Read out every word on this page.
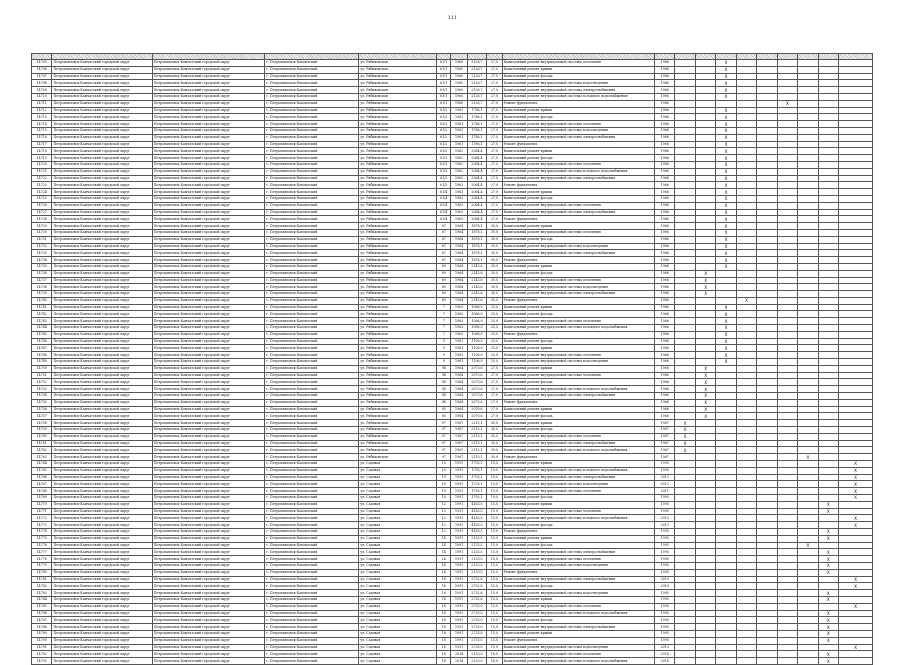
111

14705	Петропавловск-Камчатский городской округ	Петропавловск-Камчатский городской округ	г. Петропавловск-Камчатский	ул. Рябиковская	61/1	1960	2126,7	27,0	Капитальный ремонт внутридомовой системы отопления	1966			X						
14706	Петропавловск-Камчатский городской округ	Петропавловск-Камчатский городской округ	г. Петропавловск-Камчатский	ул. Рябиковская	61/1	1960	2126,7	27,0	Капитальный ремонт крыши	1966			X						
14707	Петропавловск-Камчатский городской округ	Петропавловск-Камчатский городской округ	г. Петропавловск-Камчатский	ул. Рябиковская	61/1	1960	2126,7	27,0	Капитальный ремонт фасада	1966			X						
14708	Петропавловск-Камчатский городской округ	Петропавловск-Камчатский городской округ	г. Петропавловск-Камчатский	ул. Рябиковская	61/1	1960	2126,7	27,0	Капитальный ремонт внутридомовой системы водоотведения	1966			X						
14709	Петропавловск-Камчатский городской округ	Петропавловск-Камчатский городской округ	г. Петропавловск-Камчатский	ул. Рябиковская	61/1	1960	2126,7	27,0	Капитальный ремонт внутридомовой системы электроснабжения	1966			X						
14710	Петропавловск-Камчатский городской округ	Петропавловск-Камчатский городской округ	г. Петропавловск-Камчатский	ул. Рябиковская	61/1	1960	2126,7	27,0	Капитальный ремонт внутридомовой системы холодного водоснабжения	1966			X						
14711	Петропавловск-Камчатский городской округ	Петропавловск-Камчатский городской округ	г. Петропавловск-Камчатский	ул. Рябиковская	61/1	1960	2126,7	27,0	Ремонт фундамента	1966						X			
14712	Петропавловск-Камчатский городской округ	Петропавловск-Камчатский городской округ	г. Петропавловск-Камчатский	ул. Рябиковская	61/2	1961	1786,1	27,0	Капитальный ремонт крыши	1966			X						
14713	Петропавловск-Камчатский городской округ	Петропавловск-Камчатский городской округ	г. Петропавловск-Камчатский	ул. Рябиковская	61/2	1961	1786,1	27,0	Капитальный ремонт фасада	1966			X						
14714	Петропавловск-Камчатский городской округ	Петропавловск-Камчатский городской округ	г. Петропавловск-Камчатский	ул. Рябиковская	61/2	1961	1786,1	27,0	Капитальный ремонт внутридомовой системы отопления	1966			X						
14715	Петропавловск-Камчатский городской округ	Петропавловск-Камчатский городской округ	г. Петропавловск-Камчатский	ул. Рябиковская	61/2	1961	1786,1	27,0	Капитальный ремонт внутридомовой системы водоотведения	1966			X						
14716	Петропавловск-Камчатский городской округ	Петропавловск-Камчатский городской округ	г. Петропавловск-Камчатский	ул. Рябиковская	61/2	1961	1786,1	27,0	Капитальный ремонт внутридомовой системы электроснабжения	1966			X						
14717	Петропавловск-Камчатский городской округ	Петропавловск-Камчатский городской округ	г. Петропавловск-Камчатский	ул. Рябиковская	61/2	1961	1786,1	27,0	Ремонт фундамента	1966			X						
14718	Петропавловск-Камчатский городской округ	Петропавловск-Камчатский городской округ	г. Петропавловск-Камчатский	ул. Рябиковская	61/3	1962	2064,4	27,0	Капитальный ремонт крыши	1966			X						
14719	Петропавловск-Камчатский городской округ	Петропавловск-Камчатский городской округ	г. Петропавловск-Камчатский	ул. Рябиковская	61/3	1962	2064,4	27,0	Капитальный ремонт фасада	1966			X						
14720	Петропавловск-Камчатский городской округ	Петропавловск-Камчатский городской округ	г. Петропавловск-Камчатский	ул. Рябиковская	61/3	1962	2064,4	27,0	Капитальный ремонт внутридомовой системы отопления	1966			X						
14721	Петропавловск-Камчатский городской округ	Петропавловск-Камчатский городской округ	г. Петропавловск-Камчатский	ул. Рябиковская	61/3	1962	2064,4	27,0	Капитальный ремонт внутридомовой системы холодного водоснабжения	1966			X						
14722	Петропавловск-Камчатский городской округ	Петропавловск-Камчатский городской округ	г. Петропавловск-Камчатский	ул. Рябиковская	61/3	1962	2064,4	27,0	Капитальный ремонт внутридомовой системы электроснабжения	1966			X						
14723	Петропавловск-Камчатский городской округ	Петропавловск-Камчатский городской округ	г. Петропавловск-Камчатский	ул. Рябиковская	61/3	1962	2064,4	27,0	Ремонт фундамента	1966			X						
14724	Петропавловск-Камчатский городской округ	Петропавловск-Камчатский городской округ	г. Петропавловск-Камчатский	ул. Рябиковская	61/4	1963	2064,4	27,0	Капитальный ремонт крыши	1966			X						
14725	Петропавловск-Камчатский городской округ	Петропавловск-Камчатский городской округ	г. Петропавловск-Камчатский	ул. Рябиковская	61/4	1963	2064,4	27,0	Капитальный ремонт фасада	1966			X						
14726	Петропавловск-Камчатский городской округ	Петропавловск-Камчатский городской округ	г. Петропавловск-Камчатский	ул. Рябиковская	61/4	1963	2064,4	27,0	Капитальный ремонт внутридомовой системы отопления	1966			X						
14727	Петропавловск-Камчатский городской округ	Петропавловск-Камчатский городской округ	г. Петропавловск-Камчатский	ул. Рябиковская	61/4	1963	2064,4	27,0	Капитальный ремонт внутридомовой системы электроснабжения	1966			X						
14728	Петропавловск-Камчатский городской округ	Петропавловск-Камчатский городской округ	г. Петропавловск-Камчатский	ул. Рябиковская	61/4	1963	2064,4	27,0	Ремонт фундамента	1966			X						
14729	Петропавловск-Камчатский городской округ	Петропавловск-Камчатский городской округ	г. Петропавловск-Камчатский	ул. Рябиковская	67	1964	1878,1	30,0	Капитальный ремонт крыши	1966			X						
14730	Петропавловск-Камчатский городской округ	Петропавловск-Камчатский городской округ	г. Петропавловск-Камчатский	ул. Рябиковская	67	1964	1878,1	30,0	Капитальный ремонт внутридомовой системы отопления	1966			X						
14731	Петропавловск-Камчатский городской округ	Петропавловск-Камчатский городской округ	г. Петропавловск-Камчатский	ул. Рябиковская	67	1964	1878,1	30,0	Капитальный ремонт фасада	1966			X						
14732	Петропавловск-Камчатский городской округ	Петропавловск-Камчатский городской округ	г. Петропавловск-Камчатский	ул. Рябиковская	67	1964	1878,1	30,0	Капитальный ремонт внутридомовой системы водоотведения	1966			X						
14733	Петропавловск-Камчатский городской округ	Петропавловск-Камчатский городской округ	г. Петропавловск-Камчатский	ул. Рябиковская	67	1964	1878,1	30,0	Капитальный ремонт внутридомовой системы электроснабжения	1966			X						
14734	Петропавловск-Камчатский городской округ	Петропавловск-Камчатский городской округ	г. Петропавловск-Камчатский	ул. Рябиковская	67	1964	1878,1	30,0	Ремонт фундамента	1966			X						
14735	Петропавловск-Камчатский городской округ	Петропавловск-Камчатский городской округ	г. Петропавловск-Камчатский	ул. Рябиковская	69	1964	2143,6	30,0	Капитальный ремонт крыши	1966			X						
14736	Петропавловск-Камчатский городской округ	Петропавловск-Камчатский городской округ	г. Петропавловск-Камчатский	ул. Рябиковская	69	1964	2143,6	30,0	Капитальный ремонт фасада	1966		X							
14737	Петропавловск-Камчатский городской округ	Петропавловск-Камчатский городской округ	г. Петропавловск-Камчатский	ул. Рябиковская	69	1964	2143,6	30,0	Капитальный ремонт внутридомовой системы отопления	1966		X							
14738	Петропавловск-Камчатский городской округ	Петропавловск-Камчатский городской округ	г. Петропавловск-Камчатский	ул. Рябиковская	69	1964	2143,6	30,0	Капитальный ремонт внутридомовой системы водоотведения	1966		X							
14739	Петропавловск-Камчатский городской округ	Петропавловск-Камчатский городской округ	г. Петропавловск-Камчатский	ул. Рябиковская	69	1964	2143,6	30,0	Капитальный ремонт внутридомовой системы электроснабжения	1966		X							
14740	Петропавловск-Камчатский городской округ	Петропавловск-Камчатский городской округ	г. Петропавловск-Камчатский	ул. Рябиковская	69	1964	2143,6	30,0	Ремонт фундамента	1966				X					
14741	Петропавловск-Камчатский городской округ	Петропавловск-Камчатский городской округ	г. Петропавловск-Камчатский	ул. Рябиковская	7	1963	1066,9	25,0	Капитальный ремонт крыши	1966			X						
14742	Петропавловск-Камчатский городской округ	Петропавловск-Камчатский городской округ	г. Петропавловск-Камчатский	ул. Рябиковская	7	1963	1066,9	25,0	Капитальный ремонт фасада	1966			X						
14743	Петропавловск-Камчатский городской округ	Петропавловск-Камчатский городской округ	г. Петропавловск-Камчатский	ул. Рябиковская	7	1963	1066,9	25,0	Капитальный ремонт внутридомовой системы отопления	1966			X						
14744	Петропавловск-Камчатский городской округ	Петропавловск-Камчатский городской округ	г. Петропавловск-Камчатский	ул. Рябиковская	7	1963	1066,9	25,0	Капитальный ремонт внутридомовой системы холодного водоснабжения	1966			X						
14745	Петропавловск-Камчатский городской округ	Петропавловск-Камчатский городской округ	г. Петропавловск-Камчатский	ул. Рябиковская	7	1963	1066,9	25,0	Ремонт фундамента	1966			X						
14746	Петропавловск-Камчатский городской округ	Петропавловск-Камчатский городской округ	г. Петропавловск-Камчатский	ул. Рябиковская	9	1961	1106,9	25,0	Капитальный ремонт фасада	1966			X						
14747	Петропавловск-Камчатский городской округ	Петропавловск-Камчатский городской округ	г. Петропавловск-Камчатский	ул. Рябиковская	9	1961	1106,9	25,0	Капитальный ремонт крыши	1966			X						
14748	Петропавловск-Камчатский городской округ	Петропавловск-Камчатский городской округ	г. Петропавловск-Камчатский	ул. Рябиковская	9	1961	1106,9	25,0	Капитальный ремонт внутридомовой системы отопления	1966			X						
14749	Петропавловск-Камчатский городской округ	Петропавловск-Камчатский городской округ	г. Петропавловск-Камчатский	ул. Рябиковская	9	1961	1106,9	25,0	Капитальный ремонт внутридомовой системы водоотведения	1966			X						
14750	Петропавловск-Камчатский городской округ	Петропавловск-Камчатский городской округ	г. Петропавловск-Камчатский	ул. Рябиковская	94	1964	2073,6	27,0	Капитальный ремонт крыши	1966		X							
14751	Петропавловск-Камчатский городской округ	Петропавловск-Камчатский городской округ	г. Петропавловск-Камчатский	ул. Рябиковская	94	1964	2073,6	27,0	Капитальный ремонт внутридомовой системы отопления	1966		X							
14752	Петропавловск-Камчатский городской округ	Петропавловск-Камчатский городской округ	г. Петропавловск-Камчатский	ул. Рябиковская	94	1964	2073,6	27,0	Капитальный ремонт фасада	1966		X							
14753	Петропавловск-Камчатский городской округ	Петропавловск-Камчатский городской округ	г. Петропавловск-Камчатский	ул. Рябиковская	94	1964	2073,6	27,0	Капитальный ремонт внутридомовой системы холодного водоснабжения	1966		X							
14754	Петропавловск-Камчатский городской округ	Петропавловск-Камчатский городской округ	г. Петропавловск-Камчатский	ул. Рябиковская	94	1964	2073,6	27,0	Капитальный ремонт внутридомовой системы электроснабжения	1966		X							
14755	Петропавловск-Камчатский городской округ	Петропавловск-Камчатский городской округ	г. Петропавловск-Камчатский	ул. Рябиковская	94	1964	2073,6	27,0	Ремонт фундамента	1966		X							
14756	Петропавловск-Камчатский городской округ	Петропавловск-Камчатский городской округ	г. Петропавловск-Камчатский	ул. Рябиковская	95	1964	2070,6	27,0	Капитальный ремонт крыши	1966		X							
14757	Петропавловск-Камчатский городской округ	Петропавловск-Камчатский городской округ	г. Петропавловск-Камчатский	ул. Рябиковская	95	1964	2070,6	27,0	Капитальный ремонт фасада	1966		X							
14758	Петропавловск-Камчатский городской округ	Петропавловск-Камчатский городской округ	г. Петропавловск-Камчатский	ул. Рябиковская	97	1967	2115,1	30,0	Капитальный ремонт крыши	1967	X								
14759	Петропавловск-Камчатский городской округ	Петропавловск-Камчатский городской округ	г. Петропавловск-Камчатский	ул. Рябиковская	97	1967	2115,1	30,0	Капитальный ремонт фасада	1967	X								
14760	Петропавловск-Камчатский городской округ	Петропавловск-Камчатский городской округ	г. Петропавловск-Камчатский	ул. Рябиковская	97	1967	2115,1	30,0	Капитальный ремонт внутридомовой системы отопления	1967	X								
14761	Петропавловск-Камчатский городской округ	Петропавловск-Камчатский городской округ	г. Петропавловск-Камчатский	ул. Рябиковская	97	1967	2115,1	30,0	Капитальный ремонт внутридомовой системы электроснабжения	1967	X								
14762	Петропавловск-Камчатский городской округ	Петропавловск-Камчатский городской округ	г. Петропавловск-Камчатский	ул. Рябиковская	97	1967	2115,1	30,0	Капитальный ремонт внутридомовой системы холодного водоснабжения	1967	X								
14763	Петропавловск-Камчатский городской округ	Петропавловск-Камчатский городской округ	г. Петропавловск-Камчатский	ул. Рябиковская	97	1967	2115,1	30,0	Ремонт фундамента	1967							X		
14764	Петропавловск-Камчатский городской округ	Петропавловск-Камчатский городской округ	г. Петропавловск-Камчатский	ул. Садовая	10	1991	1793,1	19,0	Капитальный ремонт крыши	1995									X
14765	Петропавловск-Камчатский городской округ	Петропавловск-Камчатский городской округ	г. Петропавловск-Камчатский	ул. Садовая	10	1991	1793,1	19,0	Капитальный ремонт внутридомовой системы холодного водоснабжения	1995									X
14766	Петропавловск-Камчатский городской округ	Петропавловск-Камчатский городской округ	г. Петропавловск-Камчатский	ул. Садовая	10	1991	1793,1	19,0	Капитальный ремонт внутридомовой системы электроснабжения	2012									X
14767	Петропавловск-Камчатский городской округ	Петропавловск-Камчатский городской округ	г. Петропавловск-Камчатский	ул. Садовая	10	1991	1793,1	19,0	Капитальный ремонт внутридомовой системы водоотведения	2012									X
14768	Петропавловск-Камчатский городской округ	Петропавловск-Камчатский городской округ	г. Петропавловск-Камчатский	ул. Садовая	10	1991	1793,1	19,0	Капитальный ремонт внутридомовой системы отопления	2011									X
14769	Петропавловск-Камчатский городской округ	Петропавловск-Камчатский городской округ	г. Петропавловск-Камчатский	ул. Садовая	10	1991	1793,1	19,0	Капитальный ремонт фасада	1995									X
14770	Петропавловск-Камчатский городской округ	Петропавловск-Камчатский городской округ	г. Петропавловск-Камчатский	ул. Садовая	12	1991	4163,5	15,0	Капитальный ремонт крыши	1995								X	
14771	Петропавловск-Камчатский городской округ	Петропавловск-Камчатский городской округ	г. Петропавловск-Камчатский	ул. Садовая	12	1991	4163,5	15,0	Капитальный ремонт внутридомовой системы отопления	1995								X	
14772	Петропавловск-Камчатский городской округ	Петропавловск-Камчатский городской округ	г. Петропавловск-Камчатский	ул. Садовая	12	1991	4163,5	15,0	Капитальный ремонт внутридомовой системы холодного водоснабжения	2013									X
14773	Петропавловск-Камчатский городской округ	Петропавловск-Камчатский городской округ	г. Петропавловск-Камчатский	ул. Садовая	12	1991	4163,5	15,0	Капитальный ремонт фасада	2013									X
14774	Петропавловск-Камчатский городской округ	Петропавловск-Камчатский городской округ	г. Петропавловск-Камчатский	ул. Садовая	12	1991	4163,5	15,0	Ремонт фундамента	1995								X	
14775	Петропавловск-Камчатский городской округ	Петропавловск-Камчатский городской округ	г. Петропавловск-Камчатский	ул. Садовая	14	1991	2133,5	15,0	Капитальный ремонт крыши	1995								X	
14776	Петропавловск-Камчатский городской округ	Петропавловск-Камчатский городской округ	г. Петропавловск-Камчатский	ул. Садовая	14	1991	2133,5	15,0	Капитальный ремонт фасада	1995							X		
14777	Петропавловск-Камчатский городской округ	Петропавловск-Камчатский городской округ	г. Петропавловск-Камчатский	ул. Садовая	14	1991	2133,5	15,0	Капитальный ремонт внутридомовой системы электроснабжения	1995								X	
14778	Петропавловск-Камчатский городской округ	Петропавловск-Камчатский городской округ	г. Петропавловск-Камчатский	ул. Садовая	14	1991	2133,5	15,0	Капитальный ремонт внутридомовой системы отопления	1995								X	
14779	Петропавловск-Камчатский городской округ	Петропавловск-Камчатский городской округ	г. Петропавловск-Камчатский	ул. Садовая	14	1991	2133,5	15,0	Капитальный ремонт внутридомовой системы водоотведения	1995								X	
14780	Петропавловск-Камчатский городской округ	Петропавловск-Камчатский городской округ	г. Петропавловск-Камчатский	ул. Садовая	14	1991	2133,5	15,0	Ремонт фундамента	1995								X	
14781	Петропавловск-Камчатский городской округ	Петропавловск-Камчатский городской округ	г. Петропавловск-Камчатский	ул. Садовая	16	1991	2732,6	15,0	Капитальный ремонт внутридомовой системы электроснабжения	2010									X
14782	Петропавловск-Камчатский городской округ	Петропавловск-Камчатский городской округ	г. Петропавловск-Камчатский	ул. Садовая	16	1991	2732,6	15,0	Капитальный ремонт фасада	2010									X
14783	Петропавловск-Камчатский городской округ	Петропавловск-Камчатский городской округ	г. Петропавловск-Камчатский	ул. Садовая	16	1991	2732,6	15,0	Капитальный ремонт внутридомовой системы водоотведения	1995								X	
14784	Петропавловск-Камчатский городской округ	Петропавловск-Камчатский городской округ	г. Петропавловск-Камчатский	ул. Садовая	16	1991	2732,6	15,0	Капитальный ремонт крыши	1995								X	
14785	Петропавловск-Камчатский городской округ	Петропавловск-Камчатский городской округ	г. Петропавловск-Камчатский	ул. Садовая	18	1991	2733,0	15,0	Капитальный ремонт внутридомовой системы отопления	1995									X
14786	Петропавловск-Камчатский городской округ	Петропавловск-Камчатский городской округ	г. Петропавловск-Камчатский	ул. Садовая	18	1991	2733,0	15,0	Капитальный ремонт внутридомовой системы холодного водоснабжения	1995								X	
14787	Петропавловск-Камчатский городской округ	Петропавловск-Камчатский городской округ	г. Петропавловск-Камчатский	ул. Садовая	18	1991	2733,0	15,0	Капитальный ремонт фасада	1995								X	
14788	Петропавловск-Камчатский городской округ	Петропавловск-Камчатский городской округ	г. Петропавловск-Камчатский	ул. Садовая	18	1991	2733,0	15,0	Капитальный ремонт внутридомовой системы электроснабжения	1995								X	
14789	Петропавловск-Камчатский городской округ	Петропавловск-Камчатский городской округ	г. Петропавловск-Камчатский	ул. Садовая	18	1991	2733,0	15,0	Капитальный ремонт крыши	1995								X	
14790	Петропавловск-Камчатский городской округ	Петропавловск-Камчатский городской округ	г. Петропавловск-Камчатский	ул. Садовая	18	1991	2733,0	15,0	Ремонт фундамента	1995								X	
14791	Петропавловск-Камчатский городской округ	Петропавловск-Камчатский городской округ	г. Петропавловск-Камчатский	ул. Садовая	18	1991	2733,0	15,0	Капитальный ремонт внутридомовой системы водоотведения	2013									X
14792	Петропавловск-Камчатский городской округ	Петропавловск-Камчатский городской округ	г. Петропавловск-Камчатский	ул. Садовая	18	2014	2133,0	16,0	Капитальный ремонт внутридомовой системы отопления	2014								X	
14793	Петропавловск-Камчатский городской округ	Петропавловск-Камчатский городской округ	г. Петропавловск-Камчатский	ул. Садовая	18	2014	2133,0	16,0	Капитальный ремонт внутридомовой системы холодного водоснабжения	2014								X	
